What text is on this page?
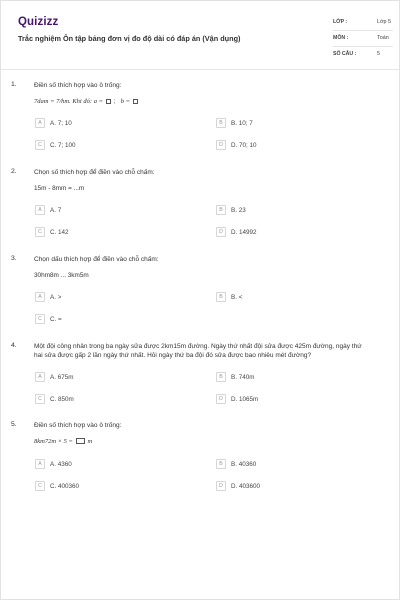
Quizizz
Trắc nghiệm Ôn tập bảng đơn vị đo độ dài có đáp án (Vận dụng)
LỚP :	Lớp 5
MÔN :	Toán
SỐ CÂU :	5
1.	Điền số thích hợp vào ô trống:
7dam = 7/hm. Khi đó: a = ; b =
A	A. 7; 10	B	B. 10; 7
C	C. 7; 100	D	D. 70; 10
2.	Chọn số thích hợp để điền vào chỗ chấm:
15m - 8mm = ...m
A	A. 7	B	B. 23
C	C. 142	D	D. 14992
3.	Chọn dấu thích hợp để điền vào chỗ chấm:
30hm8m ... 3km5m
A	A. >	B	B. <
C	C. =
4.	Một đội công nhân trong ba ngày sửa được 2km15m đường. Ngày thứ nhất đội sửa được 425m đường, ngày thứ hai sửa được gấp 2 lần ngày thứ nhất. Hỏi ngày thứ ba đội đó sửa được bao nhiêu mét đường?
A	A. 675m	B	B. 740m
C	C. 850m	D	D. 1065m
5.	Điền số thích hợp vào ô trống:
8km72m × 5 = m
A	A. 4360	B	B. 40360
C	C. 400360	D	D. 403600
